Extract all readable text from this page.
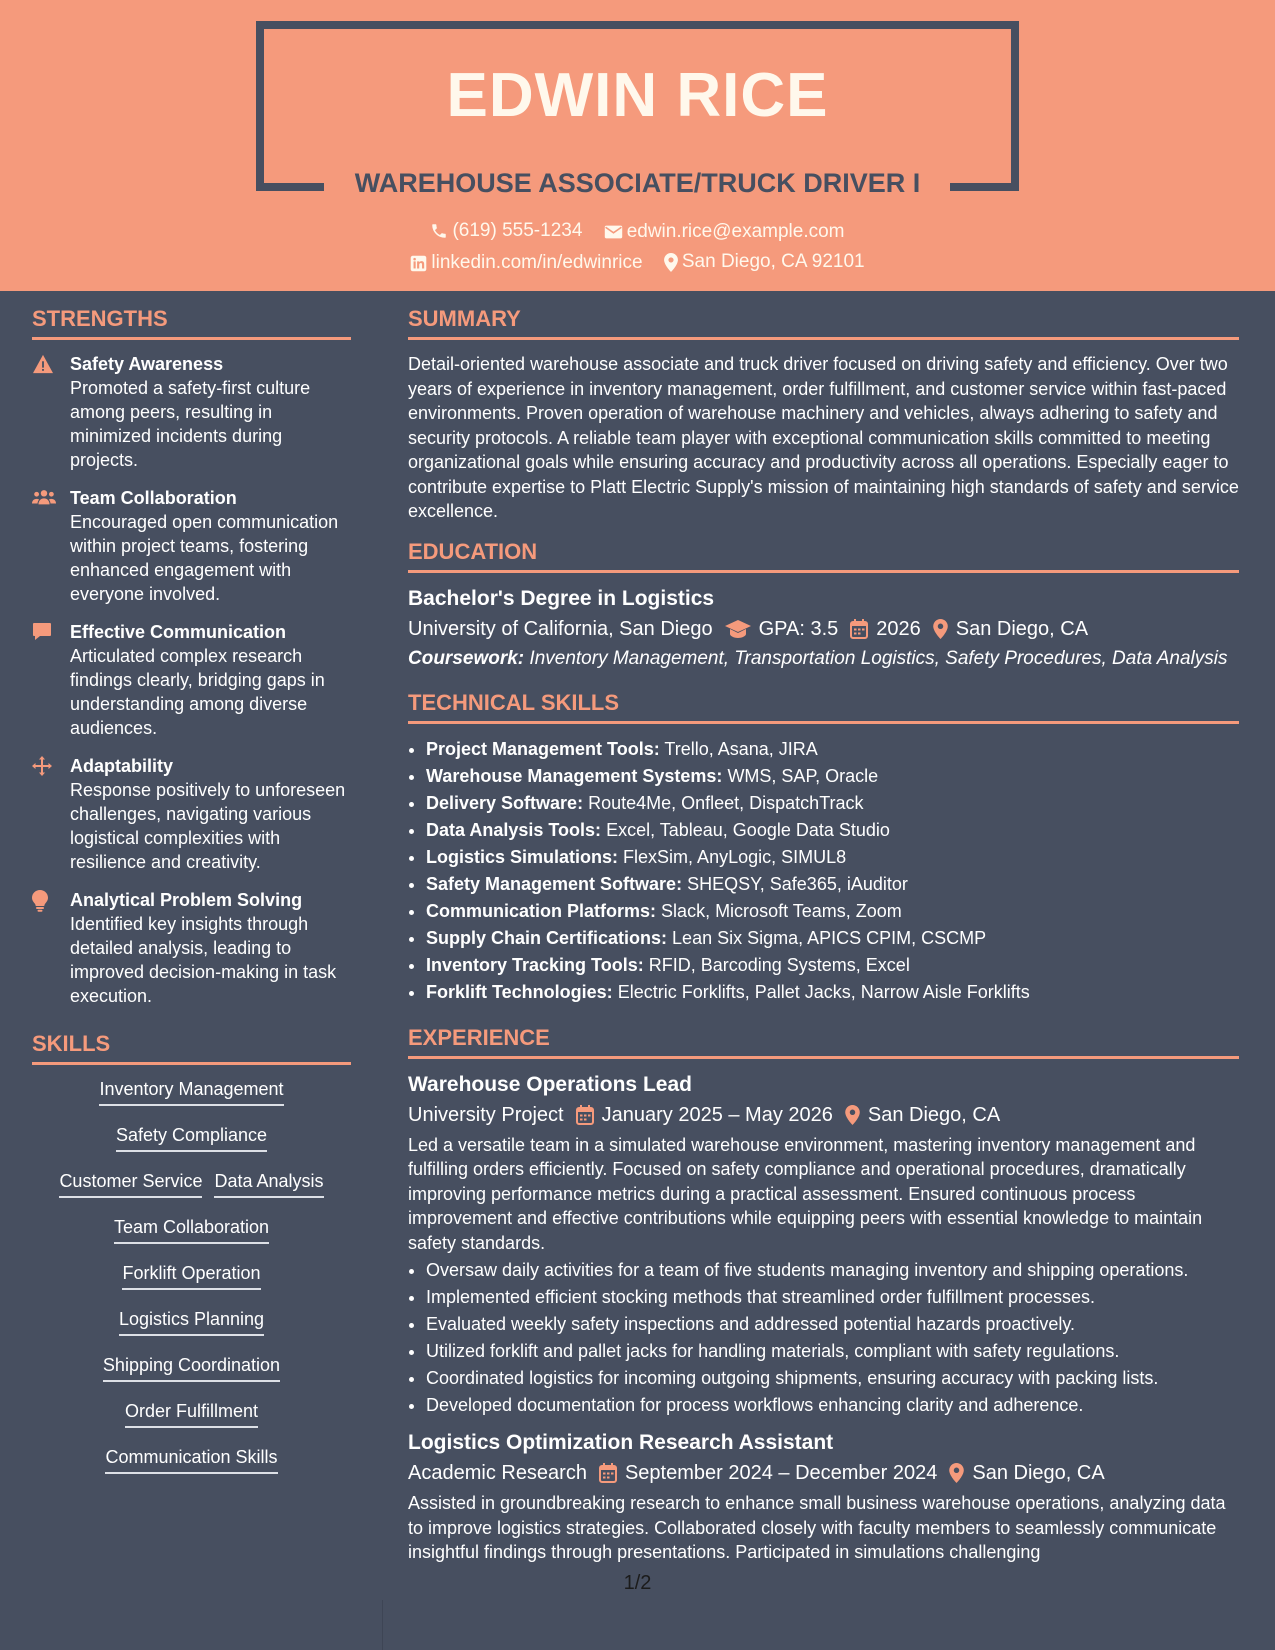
EDWIN RICE
WAREHOUSE ASSOCIATE/TRUCK DRIVER I
(619) 555-1234
edwin.rice@example.com
linkedin.com/in/edwinrice
San Diego, CA 92101
STRENGTHS
Safety Awareness
Promoted a safety-first culture among peers, resulting in minimized incidents during projects.
Team Collaboration
Encouraged open communication within project teams, fostering enhanced engagement with everyone involved.
Effective Communication
Articulated complex research findings clearly, bridging gaps in understanding among diverse audiences.
Adaptability
Response positively to unforeseen challenges, navigating various logistical complexities with resilience and creativity.
Analytical Problem Solving
Identified key insights through detailed analysis, leading to improved decision-making in task execution.
SKILLS
Inventory Management
Safety Compliance
Customer Service Data Analysis
Team Collaboration
Forklift Operation
Logistics Planning
Shipping Coordination
Order Fulfillment
Communication Skills
SUMMARY

Detail-oriented warehouse associate and truck driver focused on driving safety and efficiency. Over two years of experience in inventory management, order fulfillment, and customer service within fast-paced environments. Proven operation of warehouse machinery and vehicles, always adhering to safety and security protocols. A reliable team player with exceptional communication skills committed to meeting organizational goals while ensuring accuracy and productivity across all operations. Especially eager to contribute expertise to Platt Electric Supply's mission of maintaining high standards of safety and service excellence.

EDUCATION
Bachelor's Degree in Logistics
University of California, San Diego GPA: 3.5 2026 San Diego, CA
Coursework: Inventory Management, Transportation Logistics, Safety Procedures, Data Analysis
TECHNICAL SKILLS
• Project Management Tools: Trello, Asana, JIRA
• Warehouse Management Systems: WMS, SAP, Oracle
• Delivery Software: Route4Me, Onfleet, DispatchTrack
• Data Analysis Tools: Excel, Tableau, Google Data Studio
• Logistics Simulations: FlexSim, AnyLogic, SIMUL8
• Safety Management Software: SHEQSY, Safe365, iAuditor
• Communication Platforms: Slack, Microsoft Teams, Zoom
• Supply Chain Certifications: Lean Six Sigma, APICS CPIM, CSCMP
• Inventory Tracking Tools: RFID, Barcoding Systems, Excel
• Forklift Technologies: Electric Forklifts, Pallet Jacks, Narrow Aisle Forklifts
EXPERIENCE
Warehouse Operations Lead
University Project January 2025 – May 2026 San Diego, CA

Led a versatile team in a simulated warehouse environment, mastering inventory management and fulfilling orders efficiently. Focused on safety compliance and operational procedures, dramatically improving performance metrics during a practical assessment. Ensured continuous process improvement and effective contributions while equipping peers with essential knowledge to maintain safety standards.

• Oversaw daily activities for a team of five students managing inventory and shipping operations.
• Implemented efficient stocking methods that streamlined order fulfillment processes.
• Evaluated weekly safety inspections and addressed potential hazards proactively.
• Utilized forklift and pallet jacks for handling materials, compliant with safety regulations.
• Coordinated logistics for incoming outgoing shipments, ensuring accuracy with packing lists.
• Developed documentation for process workflows enhancing clarity and adherence.
Logistics Optimization Research Assistant
Academic Research September 2024 – December 2024 San Diego, CA

Assisted in groundbreaking research to enhance small business warehouse operations, analyzing data to improve logistics strategies. Collaborated closely with faculty members to seamlessly communicate insightful findings through presentations. Participated in simulations challenging

1/2
